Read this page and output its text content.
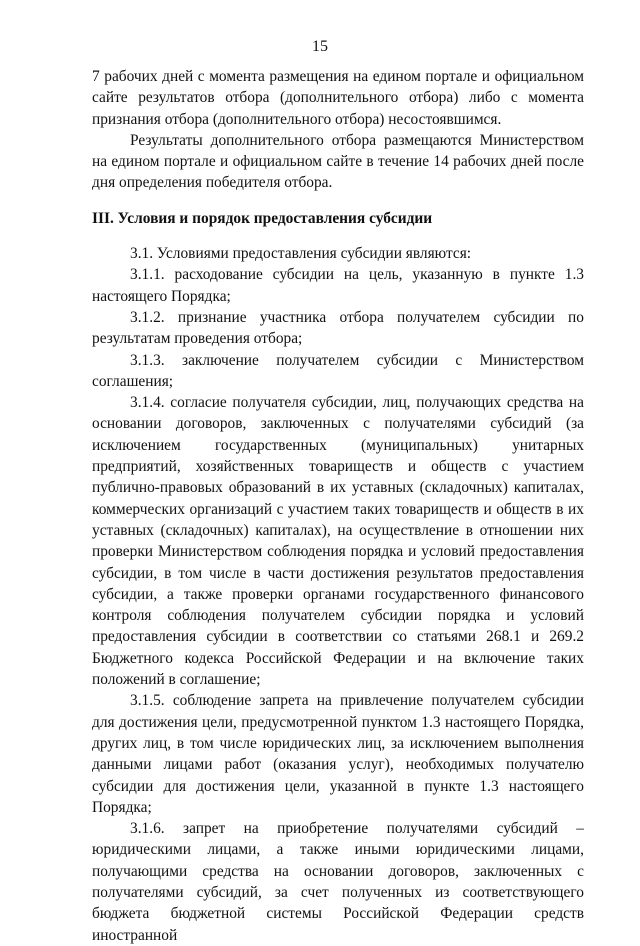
15

7 рабочих дней с момента размещения на едином портале и официальном сайте результатов отбора (дополнительного отбора) либо с момента признания отбора (дополнительного отбора) несостоявшимся.

Результаты дополнительного отбора размещаются Министерством на едином портале и официальном сайте в течение 14 рабочих дней после дня определения победителя отбора.

III. Условия и порядок предоставления субсидии

3.1. Условиями предоставления субсидии являются:

3.1.1. расходование субсидии на цель, указанную в пункте 1.3 настоящего Порядка;

3.1.2. признание участника отбора получателем субсидии по результатам проведения отбора;

3.1.3. заключение получателем субсидии с Министерством соглашения;

3.1.4. согласие получателя субсидии, лиц, получающих средства на основании договоров, заключенных с получателями субсидий (за исключением государственных (муниципальных) унитарных предприятий, хозяйственных товариществ и обществ с участием публично-правовых образований в их уставных (складочных) капиталах, коммерческих организаций с участием таких товариществ и обществ в их уставных (складочных) капиталах), на осуществление в отношении них проверки Министерством соблюдения порядка и условий предоставления субсидии, в том числе в части достижения результатов предоставления субсидии, а также проверки органами государственного финансового контроля соблюдения получателем субсидии порядка и условий предоставления субсидии в соответствии со статьями 268.1 и 269.2 Бюджетного кодекса Российской Федерации и на включение таких положений в соглашение;

3.1.5. соблюдение запрета на привлечение получателем субсидии для достижения цели, предусмотренной пунктом 1.3 настоящего Порядка, других лиц, в том числе юридических лиц, за исключением выполнения данными лицами работ (оказания услуг), необходимых получателю субсидии для достижения цели, указанной в пункте 1.3 настоящего Порядка;

3.1.6. запрет на приобретение получателями субсидий – юридическими лицами, а также иными юридическими лицами, получающими средства на основании договоров, заключенных с получателями субсидий, за счет полученных из соответствующего бюджета бюджетной системы Российской Федерации средств иностранной
